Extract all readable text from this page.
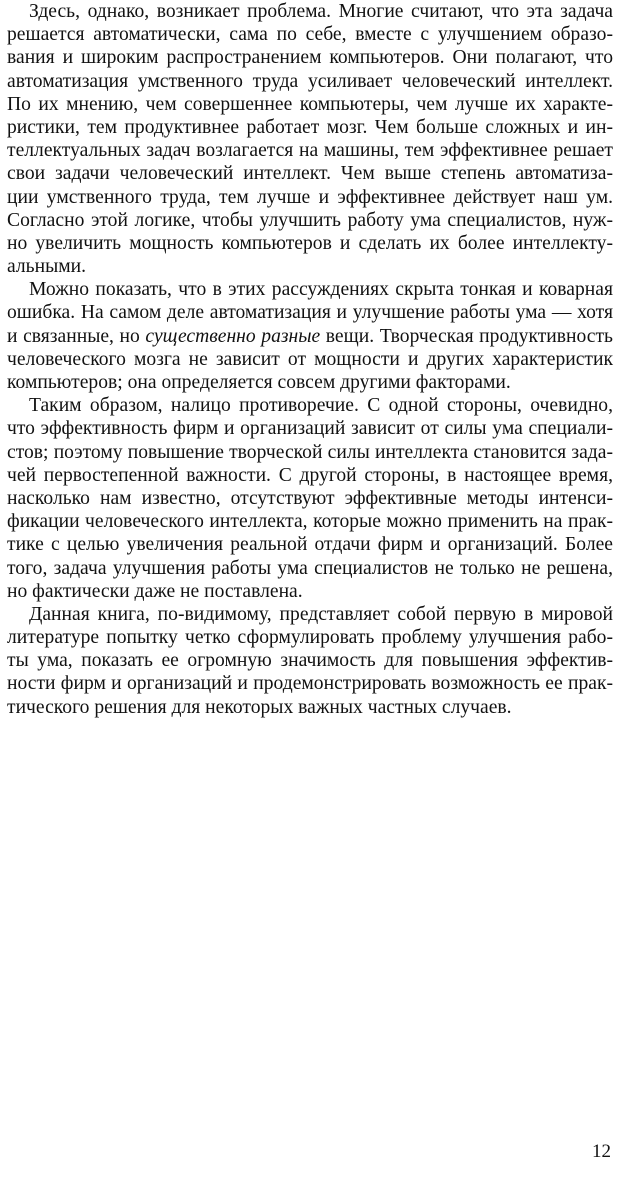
Здесь, однако, возникает проблема. Многие считают, что эта задача
решается автоматически, сама по себе, вместе с улучшением образо-
вания и широким распространением компьютеров. Они полагают, что
автоматизация умственного труда усиливает человеческий интеллект.
По их мнению, чем совершеннее компьютеры, чем лучше их характе-
ристики, тем продуктивнее работает мозг. Чем больше сложных и ин-
теллектуальных задач возлагается на машины, тем эффективнее решает
свои задачи человеческий интеллект. Чем выше степень автоматиза-
ции умственного труда, тем лучше и эффективнее действует наш ум.
Согласно этой логике, чтобы улучшить работу ума специалистов, нуж-
но увеличить мощность компьютеров и сделать их более интеллекту-
альными.
Можно показать, что в этих рассуждениях скрыта тонкая и коварная
ошибка. На самом деле автоматизация и улучшение работы ума — хотя
и связанные, но существенно разные вещи. Творческая продуктивность
человеческого мозга не зависит от мощности и других характеристик
компьютеров; она определяется совсем другими факторами.
Таким образом, налицо противоречие. С одной стороны, очевидно,
что эффективность фирм и организаций зависит от силы ума специали-
стов; поэтому повышение творческой силы интеллекта становится задa-
чей первостепенной важности. С другой стороны, в настоящее время,
насколько нам известно, отсутствуют эффективные методы интенси-
фикации человеческого интеллекта, которые можно применить на прак-
тике с целью увеличения реальной отдачи фирм и организаций. Более
того, задача улучшения работы ума специалистов не только не решена,
но фактически даже не поставлена.
Данная книга, по-видимому, представляет собой первую в мировой
литературе попытку четко сформулировать проблему улучшения рабо-
ты ума, показать ее огромную значимость для повышения эффектив-
ности фирм и организаций и продемонстрировать возможность ее прак-
тического решения для некоторых важных частных случаев.
12
